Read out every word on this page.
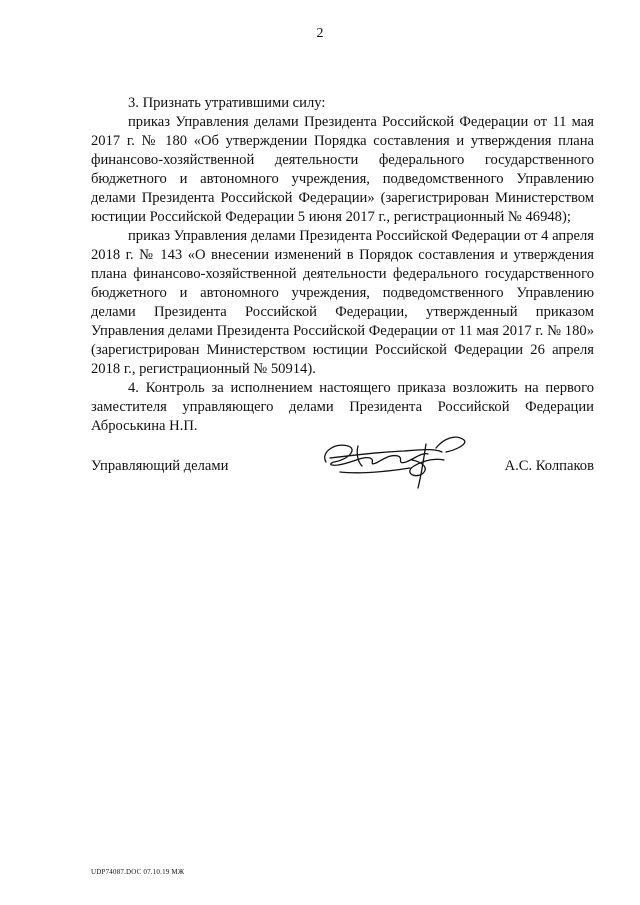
2

3. Признать утратившими силу:

приказ Управления делами Президента Российской Федерации от 11 мая 2017 г. № 180 «Об утверждении Порядка составления и утверждения плана финансово-хозяйственной деятельности федерального государственного бюджетного и автономного учреждения, подведомственного Управлению делами Президента Российской Федерации» (зарегистрирован Министерством юстиции Российской Федерации 5 июня 2017 г., регистрационный № 46948);

приказ Управления делами Президента Российской Федерации от 4 апреля 2018 г. № 143 «О внесении изменений в Порядок составления и утверждения плана финансово-хозяйственной деятельности федерального государственного бюджетного и автономного учреждения, подведомственного Управлению делами Президента Российской Федерации, утвержденный приказом Управления делами Президента Российской Федерации от 11 мая 2017 г. № 180» (зарегистрирован Министерством юстиции Российской Федерации 26 апреля 2018 г., регистрационный № 50914).

4. Контроль за исполнением настоящего приказа возложить на первого заместителя управляющего делами Президента Российской Федерации Аброськина Н.П.

Управляющий делами	А.С. Колпаков
UDP74087.DOC 07.10.19 MЖ
